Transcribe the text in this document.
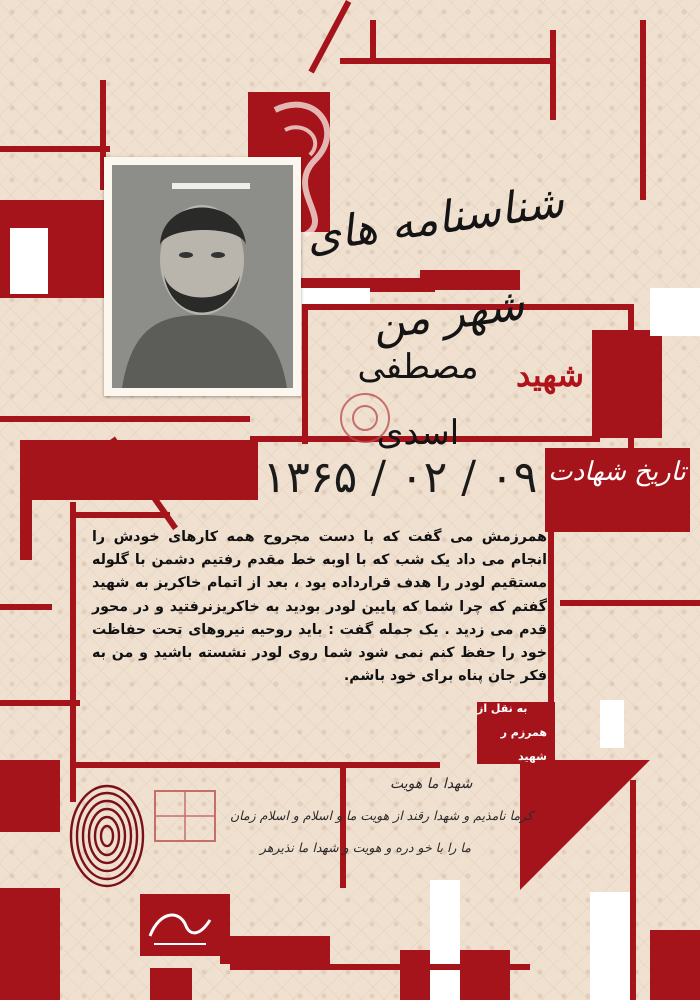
شناسنامه های شهر من
مصطفی اسدی
شهید
۱۳۶۵ / ۰۲ / ۰۹ تاریخ شهادت
همرزمش می گفت که با دست مجروح همه کارهای خودش را انجام می داد یک شب که با اوبه خط مقدم رفتیم دشمن با گلوله مستقیم لودر را هدف قرارداده بود ، بعد از اتمام خاکریز به شهید گفتم که چرا شما که پایین لودر بودید به خاکریزنرفتید و در محور قدم می زدید . یک جمله گفت : باید روحیه نیروهای تحت حفاظت خود را حفظ کنم نمی شود شما روی لودر نشسته باشید و من به فکر جان پناه برای خود باشم.
به نقل از
همرزم ر شهید
شهدا ما هویت
کرما نامذیم و شهدا رقند از هویت ما و اسلام و اسلام زمان
ما را با خو دره و هویت و شهدا ما نذیرهر
